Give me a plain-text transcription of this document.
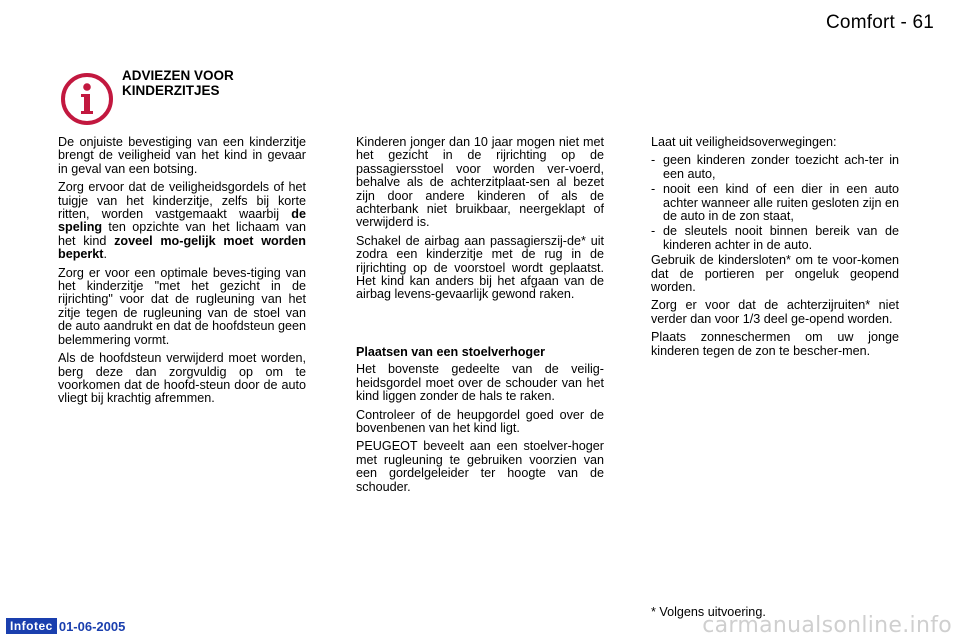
Comfort - 61
ADVIEZEN VOOR
KINDERZITJES

De onjuiste bevestiging van een kinderzitje brengt de veiligheid van het kind in gevaar in geval van een botsing.

Zorg ervoor dat de veiligheidsgordels of het tuigje van het kinderzitje, zelfs bij korte ritten, worden vastgemaakt waarbij de speling ten opzichte van het lichaam van het kind zoveel mo-gelijk moet worden beperkt.

Zorg er voor een optimale beves-tiging van het kinderzitje "met het gezicht in de rijrichting" voor dat de rugleuning van het zitje tegen de rugleuning van de stoel van de auto aandrukt en dat de hoofdsteun geen belemmering vormt.

Als de hoofdsteun verwijderd moet worden, berg deze dan zorgvuldig op om te voorkomen dat de hoofd-steun door de auto vliegt bij krachtig afremmen.

Kinderen jonger dan 10 jaar mogen niet met het gezicht in de rijrichting op de passagiersstoel voor worden ver-voerd, behalve als de achterzitplaat-sen al bezet zijn door andere kinderen of als de achterbank niet bruikbaar, neergeklapt of verwijderd is.

Schakel de airbag aan passagierszij-de* uit zodra een kinderzitje met de rug in de rijrichting op de voorstoel wordt geplaatst. Het kind kan anders bij het afgaan van de airbag levens-gevaarlijk gewond raken.

Plaatsen van een stoelverhoger

Het bovenste gedeelte van de veilig-heidsgordel moet over de schouder van het kind liggen zonder de hals te raken.

Controleer of de heupgordel goed over de bovenbenen van het kind ligt.

PEUGEOT beveelt aan een stoelver-hoger met rugleuning te gebruiken voorzien van een gordelgeleider ter hoogte van de schouder.

Laat uit veiligheidsoverwegingen:

- geen kinderen zonder toezicht ach-ter in een auto,
- nooit een kind of een dier in een auto achter wanneer alle ruiten gesloten zijn en de auto in de zon staat,
- de sleutels nooit binnen bereik van de kinderen achter in de auto.

Gebruik de kindersloten* om te voor-komen dat de portieren per ongeluk geopend worden.

Zorg er voor dat de achterzijruiten* niet verder dan voor 1/3 deel ge-opend worden.

Plaats zonneschermen om uw jonge kinderen tegen de zon te bescher-men.

* Volgens uitvoering.
Infotec 01-06-2005	carmanualsonline.info
